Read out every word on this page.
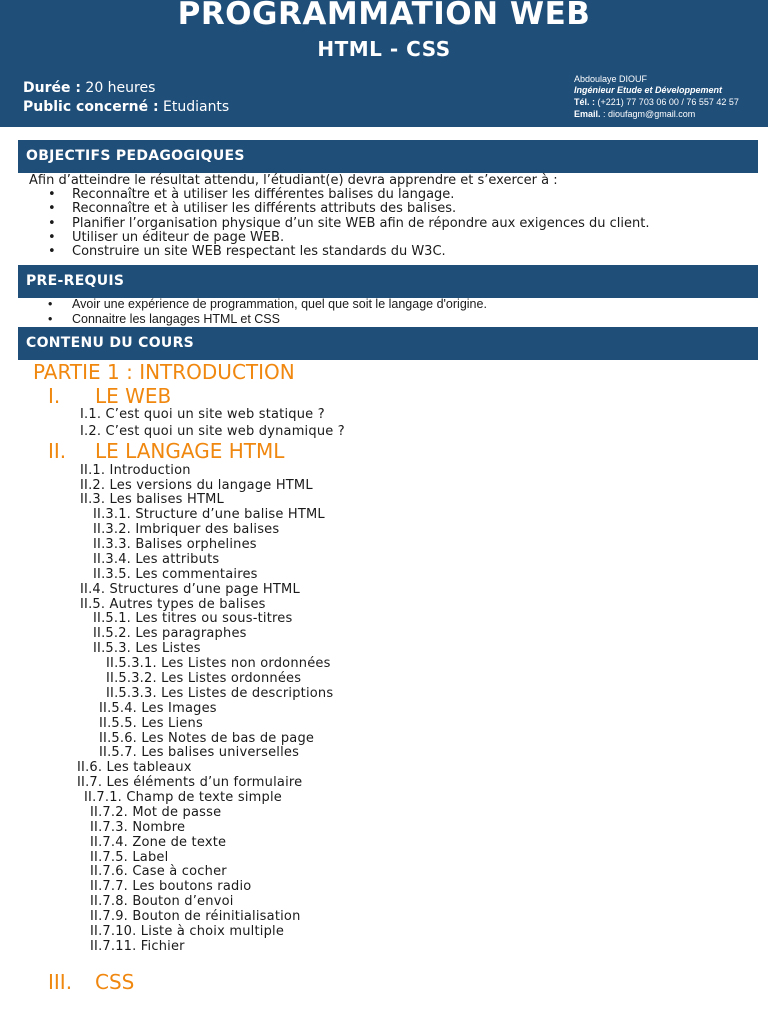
PROGRAMMATION WEB
HTML - CSS
Durée : 20 heures
Public concerné : Etudiants
Abdoulaye DIOUF
Ingénieur Etude et Développement
Tél. : (+221) 77 703 06 00 / 76 557 42 57
Email. : dioufagm@gmail.com
OBJECTIFS PEDAGOGIQUES
Afin d’atteindre le résultat attendu, l’étudiant(e) devra apprendre et s’exercer à :
• Reconnaître et à utiliser les différentes balises du langage.
• Reconnaître et à utiliser les différents attributs des balises.
• Planifier l’organisation physique d’un site WEB afin de répondre aux exigences du client.
• Utiliser un éditeur de page WEB.
• Construire un site WEB respectant les standards du W3C.
PRE-REQUIS
• Avoir une expérience de programmation, quel que soit le langage d'origine.
• Connaitre les langages HTML et CSS
CONTENU DU COURS
PARTIE 1 : INTRODUCTION
I. LE WEB
I.1. C’est quoi un site web statique ?
I.2. C’est quoi un site web dynamique ?
II. LE LANGAGE HTML
II.1. Introduction
II.2. Les versions du langage HTML
II.3. Les balises HTML
II.3.1. Structure d’une balise HTML
II.3.2. Imbriquer des balises
II.3.3. Balises orphelines
II.3.4. Les attributs
II.3.5. Les commentaires
II.4. Structures d’une page HTML
II.5. Autres types de balises
II.5.1. Les titres ou sous-titres
II.5.2. Les paragraphes
II.5.3. Les Listes
II.5.3.1. Les Listes non ordonnées
II.5.3.2. Les Listes ordonnées
II.5.3.3. Les Listes de descriptions
II.5.4. Les Images
II.5.5. Les Liens
II.5.6. Les Notes de bas de page
II.5.7. Les balises universelles
II.6. Les tableaux
II.7. Les éléments d’un formulaire
II.7.1. Champ de texte simple
II.7.2. Mot de passe
II.7.3. Nombre
II.7.4. Zone de texte
II.7.5. Label
II.7.6. Case à cocher
II.7.7. Les boutons radio
II.7.8. Bouton d’envoi
II.7.9. Bouton de réinitialisation
II.7.10. Liste à choix multiple
II.7.11. Fichier
III. CSS
